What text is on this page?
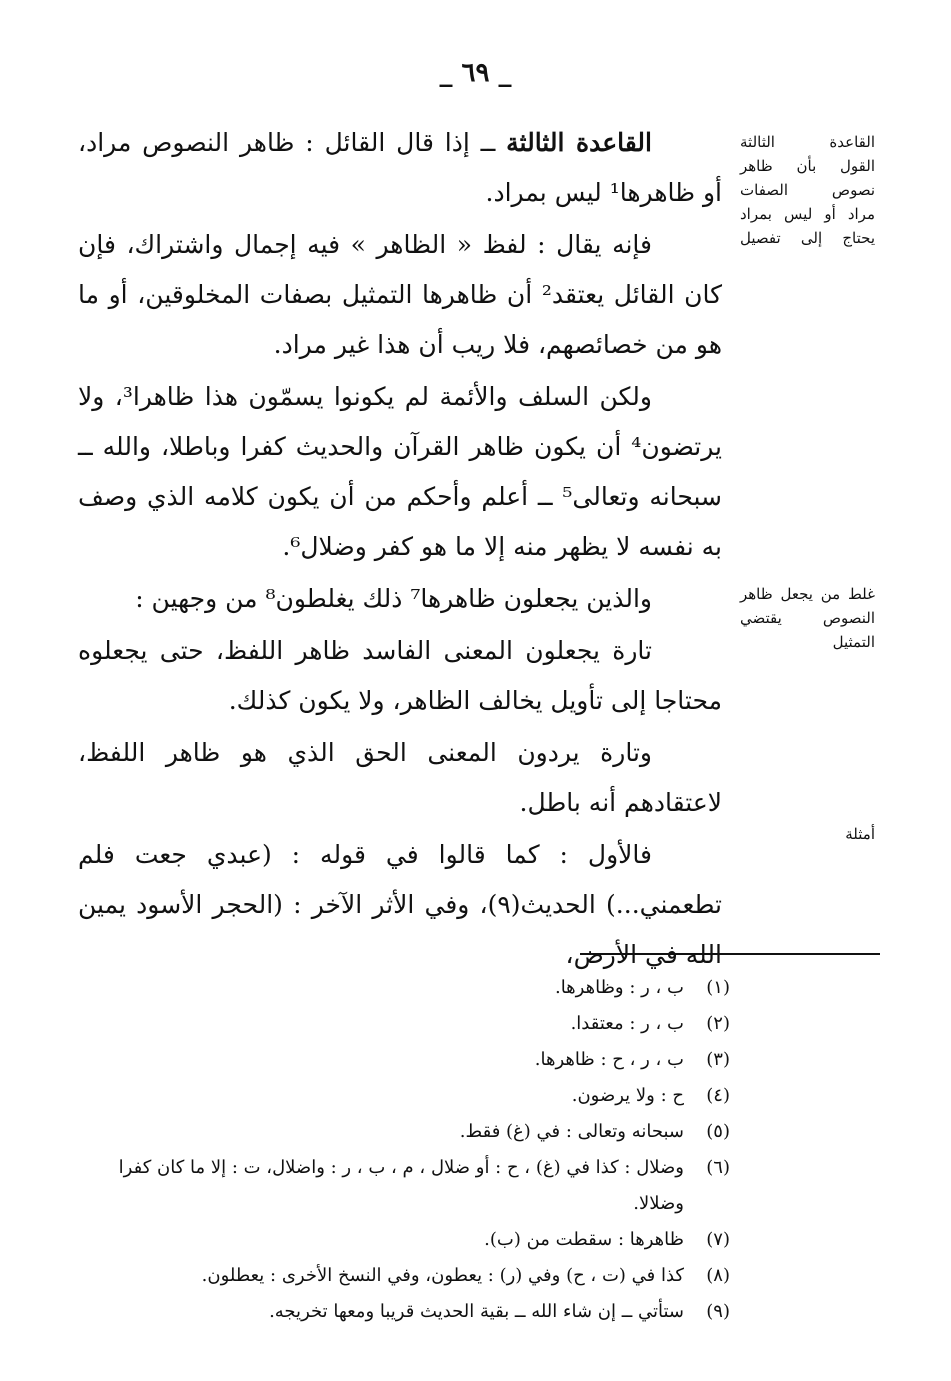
_ ٦٩ _
القاعدة الثالثة
القول بأن ظاهر
نصوص الصفات
مراد أو ليس بمراد
يحتاج إلى تفصيل
غلط من يجعل ظاهر
النصوص يقتضي
التمثيل
أمثلة

القاعدة الثالثة ــ إذا قال القائل : ظاهر النصوص مراد، أو ظاهرها¹ ليس بمراد.

فإنه يقال : لفظ « الظاهر » فيه إجمال واشتراك، فإن كان القائل يعتقد² أن ظاهرها التمثيل بصفات المخلوقين، أو ما هو من خصائصهم، فلا ريب أن هذا غير مراد.

ولكن السلف والأئمة لم يكونوا يسمّون هذا ظاهرا³، ولا يرتضون⁴ أن يكون ظاهر القرآن والحديث كفرا وباطلا، والله ــ سبحانه وتعالى⁵ ــ أعلم وأحكم من أن يكون كلامه الذي وصف به نفسه لا يظهر منه إلا ما هو كفر وضلال⁶.

والذين يجعلون ظاهرها⁷ ذلك يغلطون⁸ من وجهين :

تارة يجعلون المعنى الفاسد ظاهر اللفظ، حتى يجعلوه محتاجا إلى تأويل يخالف الظاهر، ولا يكون كذلك.

وتارة يردون المعنى الحق الذي هو ظاهر اللفظ، لاعتقادهم أنه باطل.

فالأول : كما قالوا في قوله : (عبدي جعت فلم تطعمني...) الحديث(٩)، وفي الأثر الآخر : (الحجر الأسود يمين الله في الأرض،

(١)
ب ، ر : وظاهرها.
(٢)
ب ، ر : معتقدا.
(٣)
ب ، ر ، ح : ظاهرها.
(٤)
ح : ولا يرضون.
(٥)
سبحانه وتعالى : في (غ) فقط.
(٦)
وضلال : كذا في (غ) ، ح : أو ضلال ، م ، ب ، ر : واضلال، ت : إلا ما كان كفرا وضلالا.
(٧)
ظاهرها : سقطت من (ب).
(٨)
كذا في (ت ، ح) وفي (ر) : يعطون، وفي النسخ الأخرى : يعطلون.
(٩)
ستأتي ــ إن شاء الله ــ بقية الحديث قريبا ومعها تخريجه.
